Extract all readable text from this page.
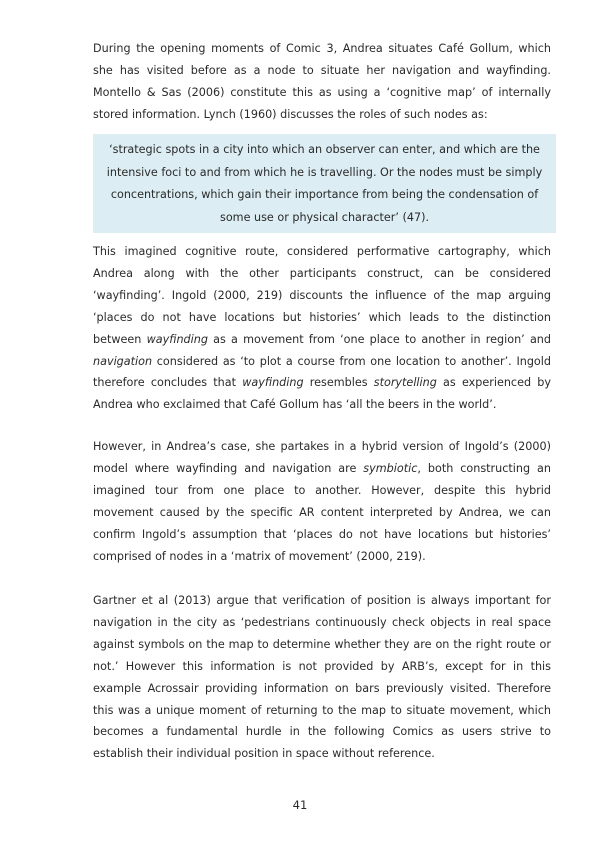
During the opening moments of Comic 3, Andrea situates Café Gollum, which she has visited before as a node to situate her navigation and wayfinding. Montello & Sas (2006) constitute this as using a ‘cognitive map’ of internally stored information. Lynch (1960) discusses the roles of such nodes as:

‘strategic spots in a city into which an observer can enter, and which are the intensive foci to and from which he is travelling. Or the nodes must be simply concentrations, which gain their importance from being the condensation of some use or physical character’ (47).

This imagined cognitive route, considered performative cartography, which Andrea along with the other participants construct, can be considered ‘wayfinding’. Ingold (2000, 219) discounts the influence of the map arguing ‘places do not have locations but histories’ which leads to the distinction between wayfinding as a movement from ‘one place to another in region’ and navigation considered as ‘to plot a course from one location to another’. Ingold therefore concludes that wayfinding resembles storytelling as experienced by Andrea who exclaimed that Café Gollum has ‘all the beers in the world’.

However, in Andrea’s case, she partakes in a hybrid version of Ingold’s (2000) model where wayfinding and navigation are symbiotic, both constructing an imagined tour from one place to another. However, despite this hybrid movement caused by the specific AR content interpreted by Andrea, we can confirm Ingold’s assumption that ‘places do not have locations but histories’ comprised of nodes in a ‘matrix of movement’ (2000, 219).

Gartner et al (2013) argue that verification of position is always important for navigation in the city as ‘pedestrians continuously check objects in real space against symbols on the map to determine whether they are on the right route or not.’ However this information is not provided by ARB’s, except for in this example Acrossair providing information on bars previously visited. Therefore this was a unique moment of returning to the map to situate movement, which becomes a fundamental hurdle in the following Comics as users strive to establish their individual position in space without reference.

41
